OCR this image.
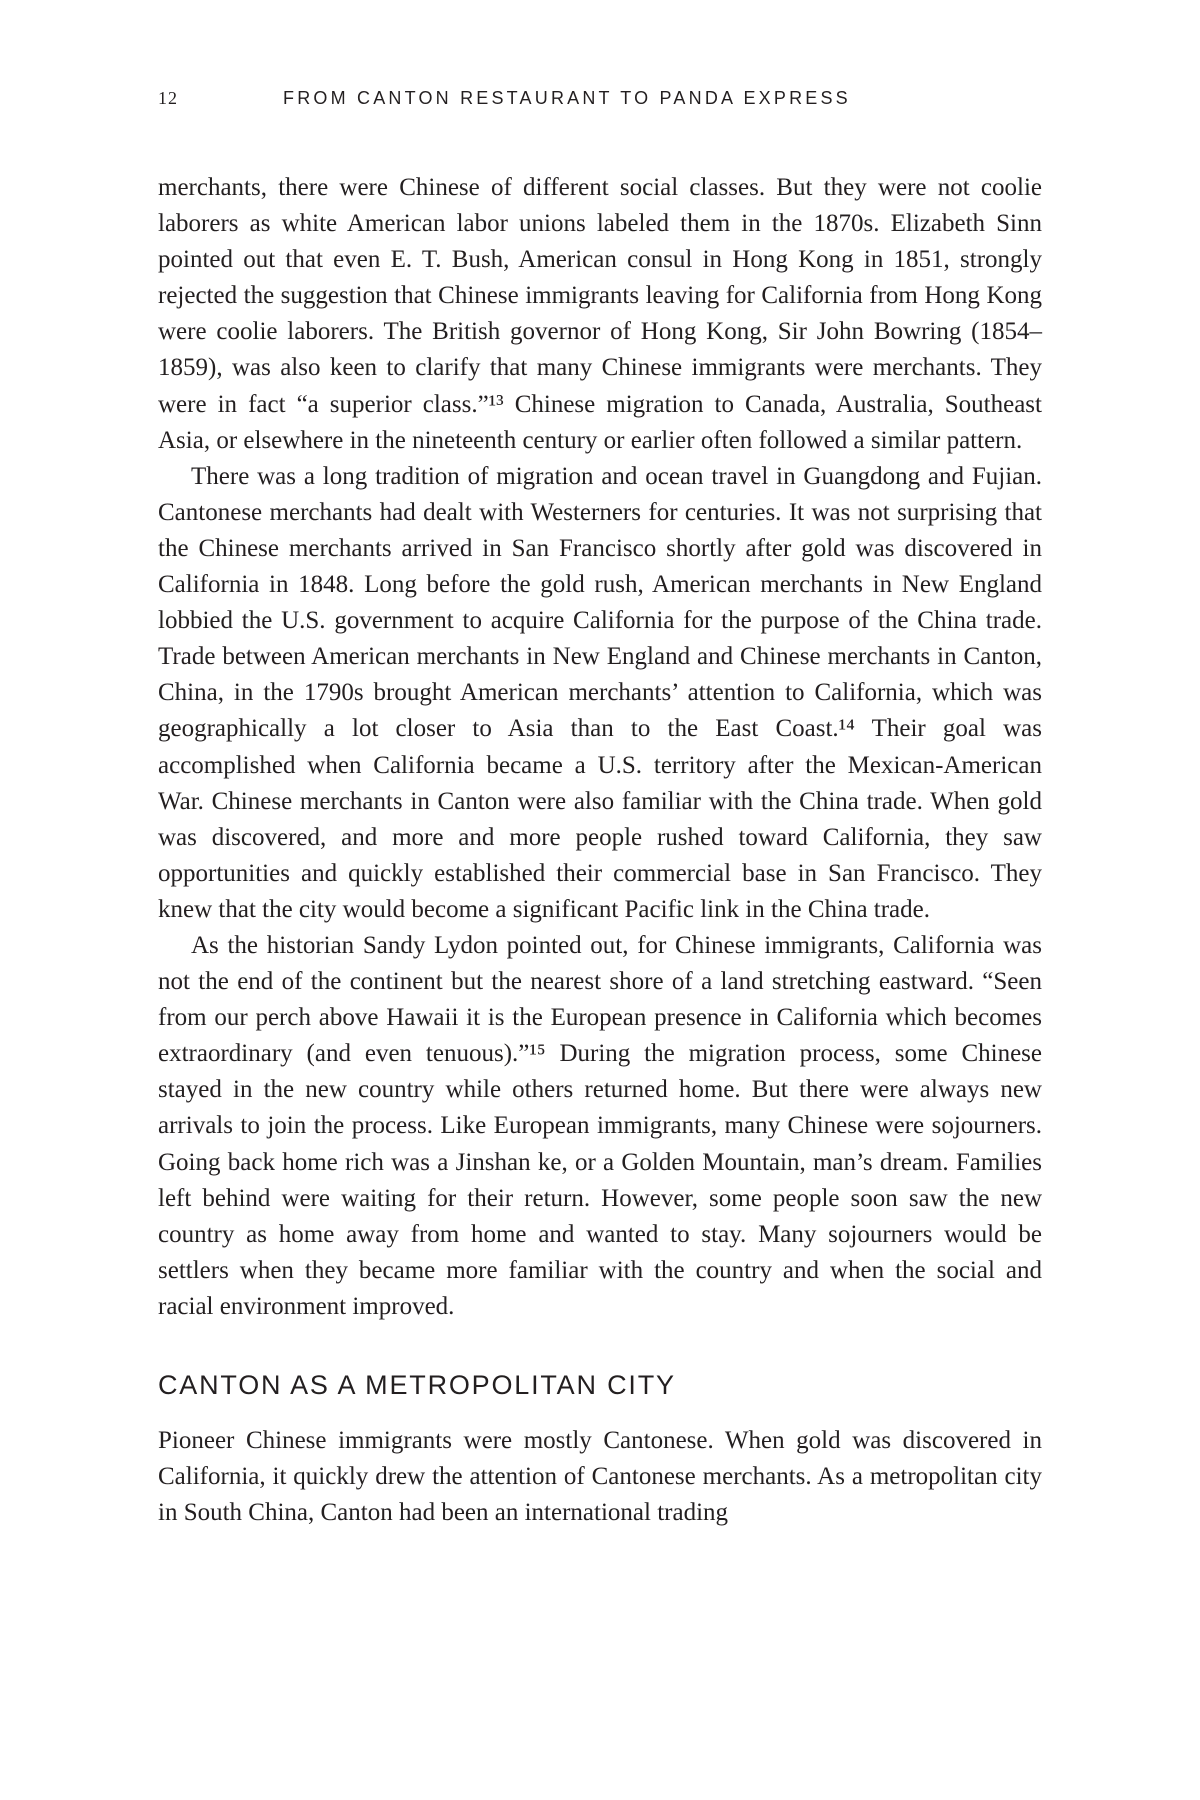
12	FROM CANTON RESTAURANT TO PANDA EXPRESS

merchants, there were Chinese of different social classes. But they were not coolie laborers as white American labor unions labeled them in the 1870s. Elizabeth Sinn pointed out that even E. T. Bush, American consul in Hong Kong in 1851, strongly rejected the suggestion that Chinese immigrants leaving for California from Hong Kong were coolie laborers. The British governor of Hong Kong, Sir John Bowring (1854–1859), was also keen to clarify that many Chinese immigrants were merchants. They were in fact “a superior class.”¹³ Chinese migration to Canada, Australia, Southeast Asia, or elsewhere in the nineteenth century or earlier often followed a similar pattern.

There was a long tradition of migration and ocean travel in Guangdong and Fujian. Cantonese merchants had dealt with Westerners for centuries. It was not surprising that the Chinese merchants arrived in San Francisco shortly after gold was discovered in California in 1848. Long before the gold rush, American merchants in New England lobbied the U.S. government to acquire California for the purpose of the China trade. Trade between American merchants in New England and Chinese merchants in Canton, China, in the 1790s brought American merchants’ attention to California, which was geographically a lot closer to Asia than to the East Coast.¹⁴ Their goal was accomplished when California became a U.S. territory after the Mexican-American War. Chinese merchants in Canton were also familiar with the China trade. When gold was discovered, and more and more people rushed toward California, they saw opportunities and quickly established their commercial base in San Francisco. They knew that the city would become a significant Pacific link in the China trade.

As the historian Sandy Lydon pointed out, for Chinese immigrants, California was not the end of the continent but the nearest shore of a land stretching eastward. “Seen from our perch above Hawaii it is the European presence in California which becomes extraordinary (and even tenuous).”¹⁵ During the migration process, some Chinese stayed in the new country while others returned home. But there were always new arrivals to join the process. Like European immigrants, many Chinese were sojourners. Going back home rich was a Jinshan ke, or a Golden Mountain, man’s dream. Families left behind were waiting for their return. However, some people soon saw the new country as home away from home and wanted to stay. Many sojourners would be settlers when they became more familiar with the country and when the social and racial environment improved.

CANTON AS A METROPOLITAN CITY

Pioneer Chinese immigrants were mostly Cantonese. When gold was discovered in California, it quickly drew the attention of Cantonese merchants. As a metropolitan city in South China, Canton had been an international trading
